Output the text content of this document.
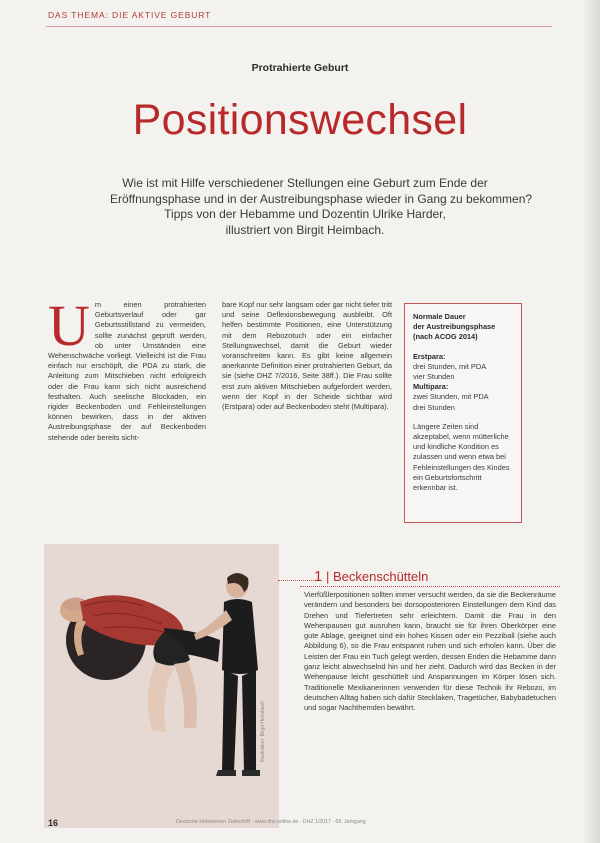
DAS THEMA: DIE AKTIVE GEBURT
Protrahierte Geburt
Positionswechsel
Wie ist mit Hilfe verschiedener Stellungen eine Geburt zum Ende der
Eröffnungsphase und in der Austreibungsphase wieder in Gang zu bekommen?
Tipps von der Hebamme und Dozentin Ulrike Harder,
illustriert von Birgit Heimbach.
U m einen protrahierten Geburtsverlauf oder gar Geburtsstillstand zu vermeiden, sollte zunächst geprüft werden, ob unter Umständen eine Wehenschwäche vorliegt. Vielleicht ist die Frau einfach nur erschöpft, die PDA zu stark, die Anleitung zum Mitschieben nicht erfolgreich oder die Frau kann sich nicht ausreichend festhalten. Auch seelische Blockaden, ein rigider Beckenboden und Fehleinstellungen können bewirken, dass in der aktiven Austreibungsphase der auf Beckenboden stehende oder bereits sicht-
bare Kopf nur sehr langsam oder gar nicht tiefer tritt und seine Deflexionsbewegung ausbleibt. Oft helfen bestimmte Positionen, eine Unterstützung mit dem Rebozotuch oder ein einfacher Stellungswechsel, damit die Geburt wieder voranschreiten kann. Es gibt keine allgemein anerkannte Definition einer protrahierten Geburt, da sie (siehe DHZ 7/2016, Seite 38ff.). Die Frau sollte erst zum aktiven Mitschieben aufgefordert werden, wenn der Kopf in der Scheide sichtbar wird (Erstpara) oder auf Beckenboden steht (Multipara).
Normale Dauer
der Austreibungsphase
(nach ACOG 2014)
Erstpara:
drei Stunden, mit PDA
vier Stunden
Multipara:
zwei Stunden, mit PDA
drei Stunden
Längere Zeiten sind akzeptabel, wenn mütterliche und kindliche Kondition es zulassen und wenn etwa bei Fehleinstellungen des Kindes ein Geburtsfortschritt erkennbar ist.
Illustration: Birgit Heimbach
1 | Beckenschütteln
Vierfüßlerpositionen sollten immer versucht werden, da sie die Beckenräume verändern und besonders bei dorsoposterioren Einstellungen dem Kind das Drehen und Tiefertreten sehr erleichtern. Damit die Frau in den Wehenpausen gut ausruhen kann, braucht sie für ihren Oberkörper eine gute Ablage, geeignet sind ein hohes Kissen oder ein Pezziball (siehe auch Abbildung 6), so die Frau entspannt ruhen und sich erholen kann. Über die Leisten der Frau ein Tuch gelegt werden, dessen Enden die Hebamme dann ganz leicht abwechselnd hin und her zieht. Dadurch wird das Becken in der Wehenpause leicht geschüttelt und Anspannungen im Körper lösen sich. Traditionelle Mexikanerinnen verwenden für diese Technik ihr Rebozo, im deutschen Alltag haben sich dafür Stecklaken, Tragetücher, Babybadetuchen und sogar Nachthemden bewährt.
16	Deutsche Hebammen Zeitschrift · www.dhz-online.de · DHZ 1/2017 · 69. Jahrgang
